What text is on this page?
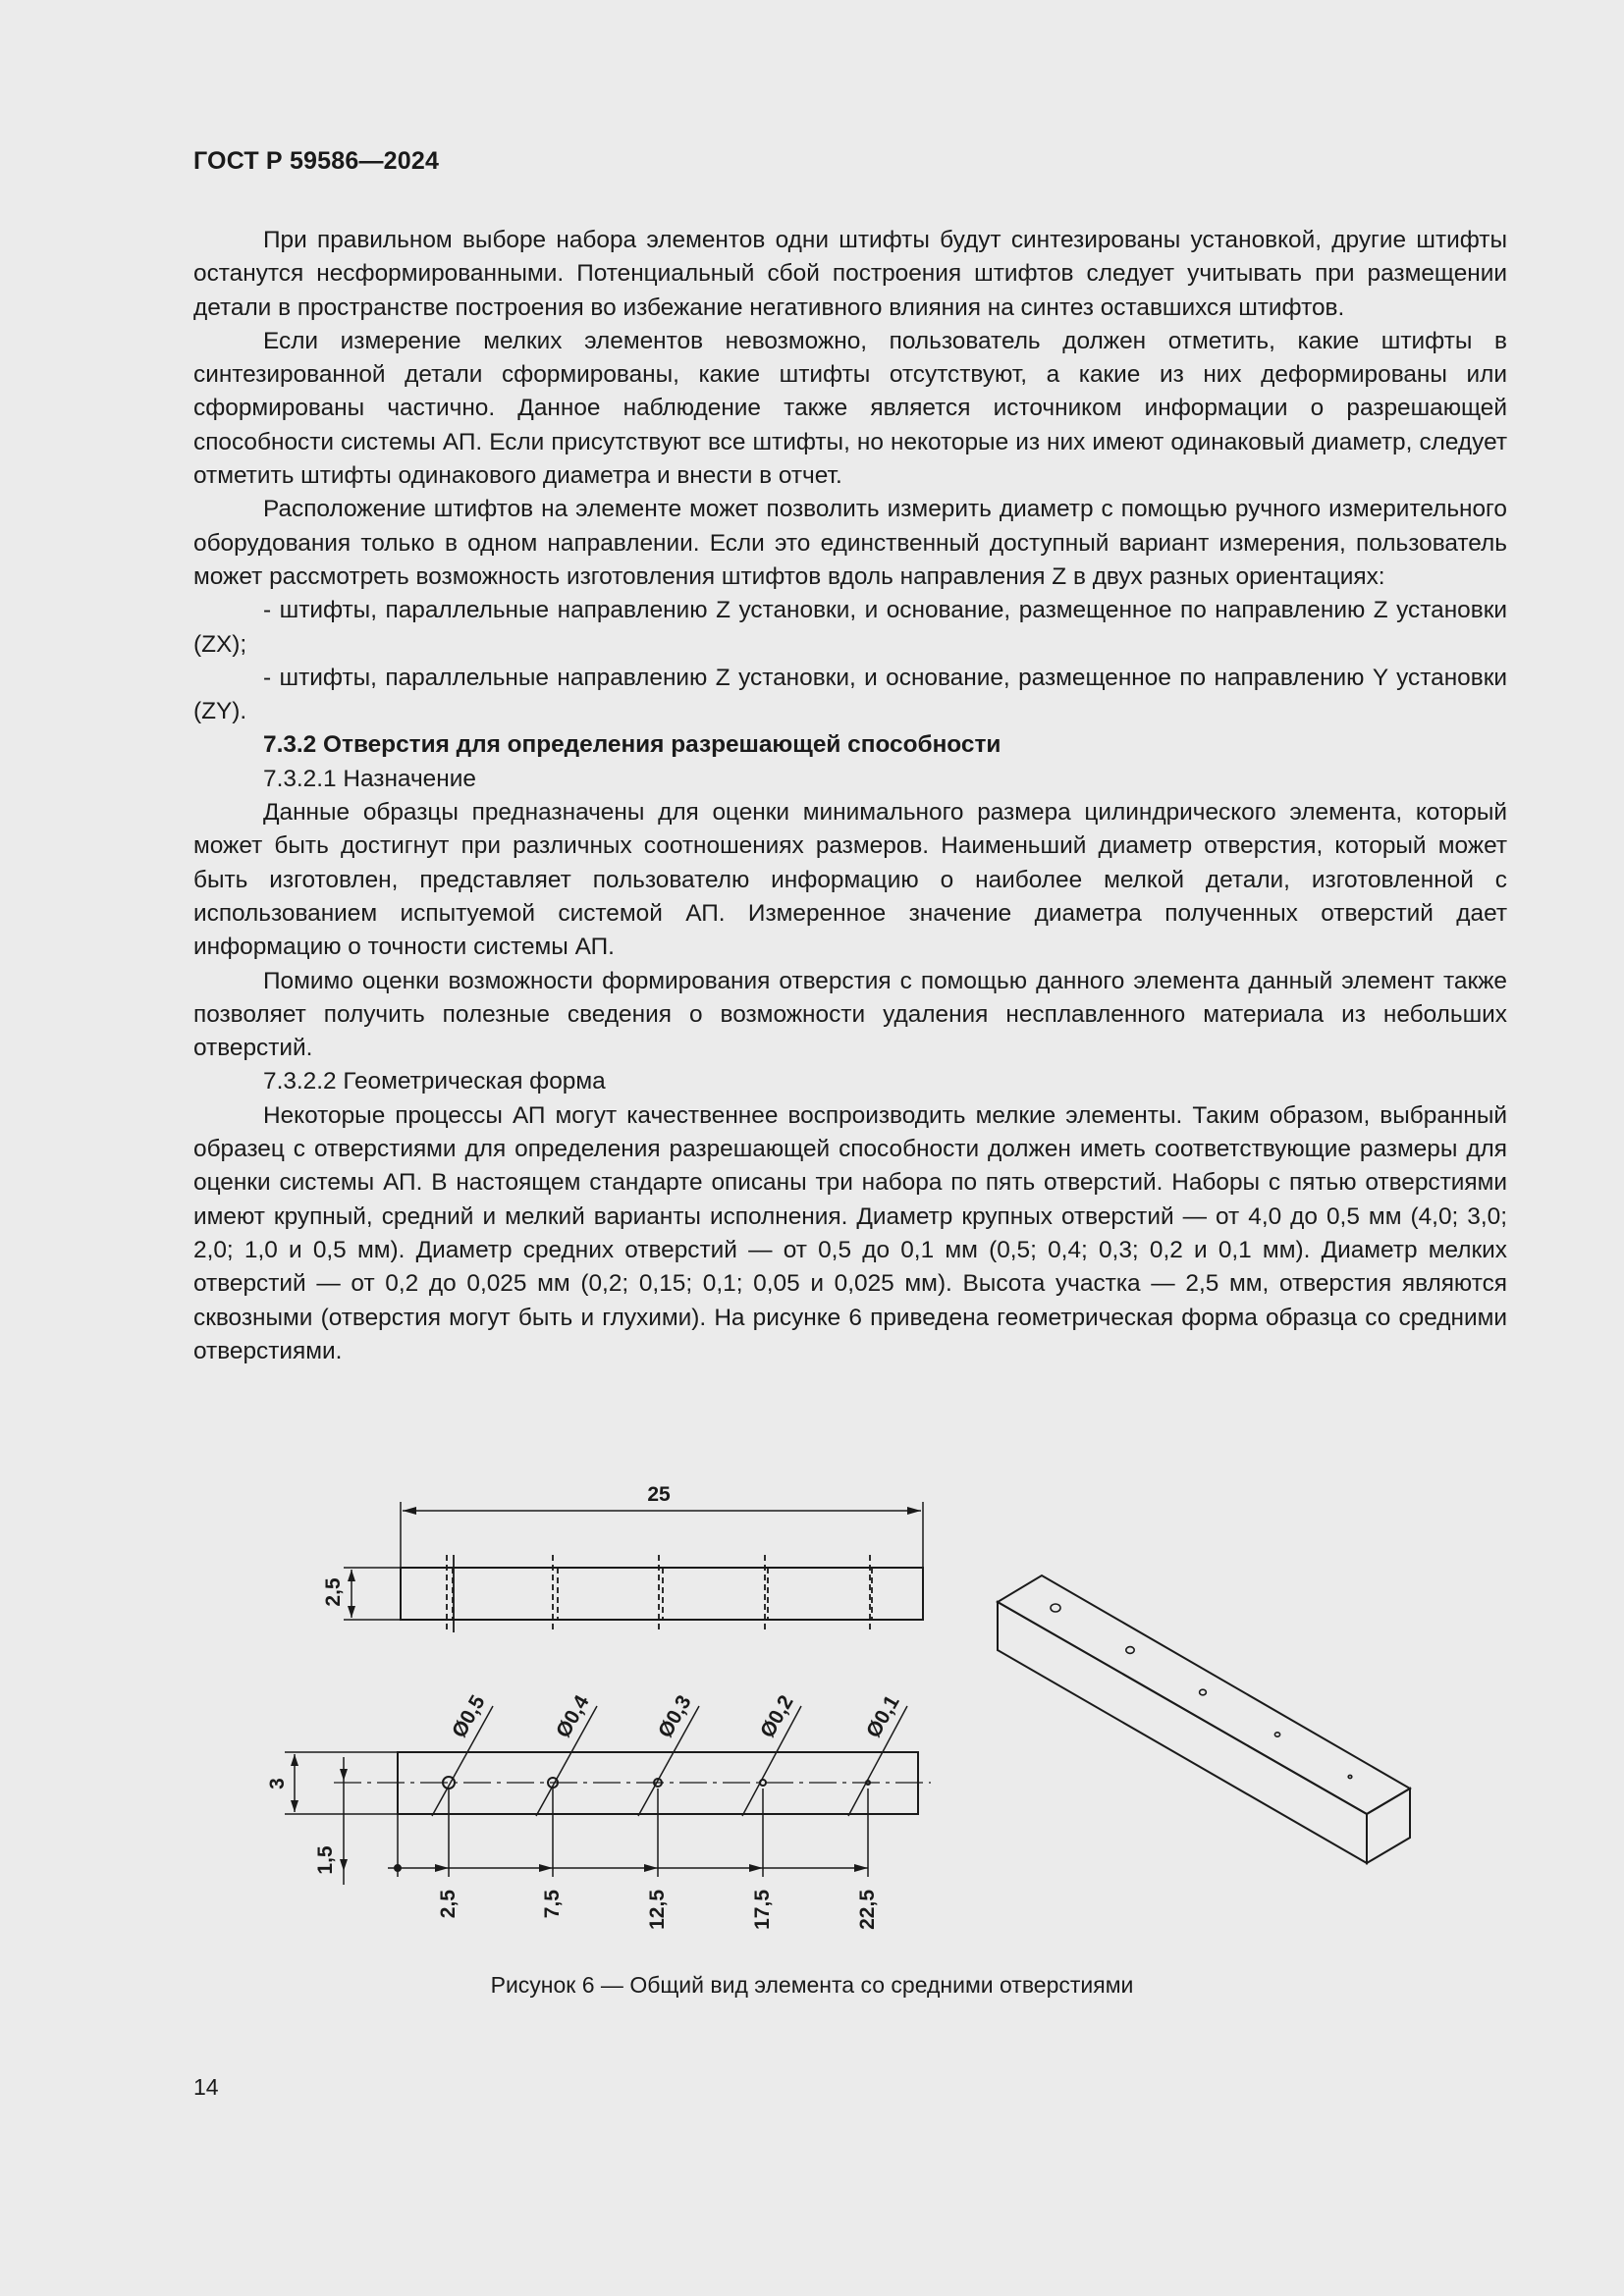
ГОСТ Р 59586—2024

При правильном выборе набора элементов одни штифты будут синтезированы установкой, другие штифты останутся несформированными. Потенциальный сбой построения штифтов следует учитывать при размещении детали в пространстве построения во избежание негативного влияния на синтез оставшихся штифтов.

Если измерение мелких элементов невозможно, пользователь должен отметить, какие штифты в синтезированной детали сформированы, какие штифты отсутствуют, а какие из них деформированы или сформированы частично. Данное наблюдение также является источником информации о разрешающей способности системы АП. Если присутствуют все штифты, но некоторые из них имеют одинаковый диаметр, следует отметить штифты одинакового диаметра и внести в отчет.

Расположение штифтов на элементе может позволить измерить диаметр с помощью ручного измерительного оборудования только в одном направлении. Если это единственный доступный вариант измерения, пользователь может рассмотреть возможность изготовления штифтов вдоль направления Z в двух разных ориентациях:

- штифты, параллельные направлению Z установки, и основание, размещенное по направлению Z установки (ZX);

- штифты, параллельные направлению Z установки, и основание, размещенное по направлению Y установки (ZY).

7.3.2 Отверстия для определения разрешающей способности

7.3.2.1 Назначение

Данные образцы предназначены для оценки минимального размера цилиндрического элемента, который может быть достигнут при различных соотношениях размеров. Наименьший диаметр отверстия, который может быть изготовлен, представляет пользователю информацию о наиболее мелкой детали, изготовленной с использованием испытуемой системой АП. Измеренное значение диаметра полученных отверстий дает информацию о точности системы АП.

Помимо оценки возможности формирования отверстия с помощью данного элемента данный элемент также позволяет получить полезные сведения о возможности удаления несплавленного материала из небольших отверстий.

7.3.2.2 Геометрическая форма

Некоторые процессы АП могут качественнее воспроизводить мелкие элементы. Таким образом, выбранный образец с отверстиями для определения разрешающей способности должен иметь соответствующие размеры для оценки системы АП. В настоящем стандарте описаны три набора по пять отверстий. Наборы с пятью отверстиями имеют крупный, средний и мелкий варианты исполнения. Диаметр крупных отверстий — от 4,0 до 0,5 мм (4,0; 3,0; 2,0; 1,0 и 0,5 мм). Диаметр средних отверстий — от 0,5 до 0,1 мм (0,5; 0,4; 0,3; 0,2 и 0,1 мм). Диаметр мелких отверстий — от 0,2 до 0,025 мм (0,2; 0,15; 0,1; 0,05 и 0,025 мм). Высота участка — 2,5 мм, отверстия являются сквозными (отверстия могут быть и глухими). На рисунке 6 приведена геометрическая форма образца со средними отверстиями.

25
2,5
3
1,5
Ø0,5	Ø0,4	Ø0,3	Ø0,2	Ø0,1
2,5	7,5	12,5	17,5	22,5
Рисунок 6 — Общий вид элемента со средними отверстиями
14
